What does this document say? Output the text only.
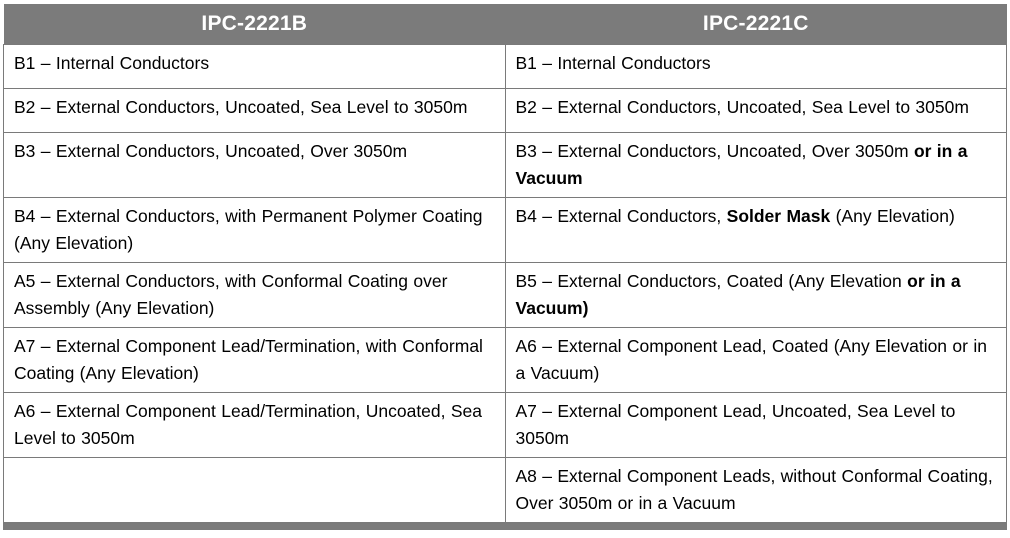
IPC-2221B	IPC-2221C
B1 – Internal Conductors	B1 – Internal Conductors
B2 – External Conductors, Uncoated, Sea Level to 3050m	B2 – External Conductors, Uncoated, Sea Level to 3050m
B3 – External Conductors, Uncoated, Over 3050m	B3 – External Conductors, Uncoated, Over 3050m or in a Vacuum
B4 – External Conductors, with Permanent Polymer Coating (Any Elevation)	B4 – External Conductors, Solder Mask (Any Elevation)
A5 – External Conductors, with Conformal Coating over Assembly (Any Elevation)	B5 – External Conductors, Coated (Any Elevation or in a Vacuum)
A7 – External Component Lead/Termination, with Conformal Coating (Any Elevation)	A6 – External Component Lead, Coated (Any Elevation or in a Vacuum)
A6 – External Component Lead/Termination, Uncoated, Sea Level to 3050m	A7 – External Component Lead, Uncoated, Sea Level to 3050m
	A8 – External Component Leads, without Conformal Coating, Over 3050m or in a Vacuum
